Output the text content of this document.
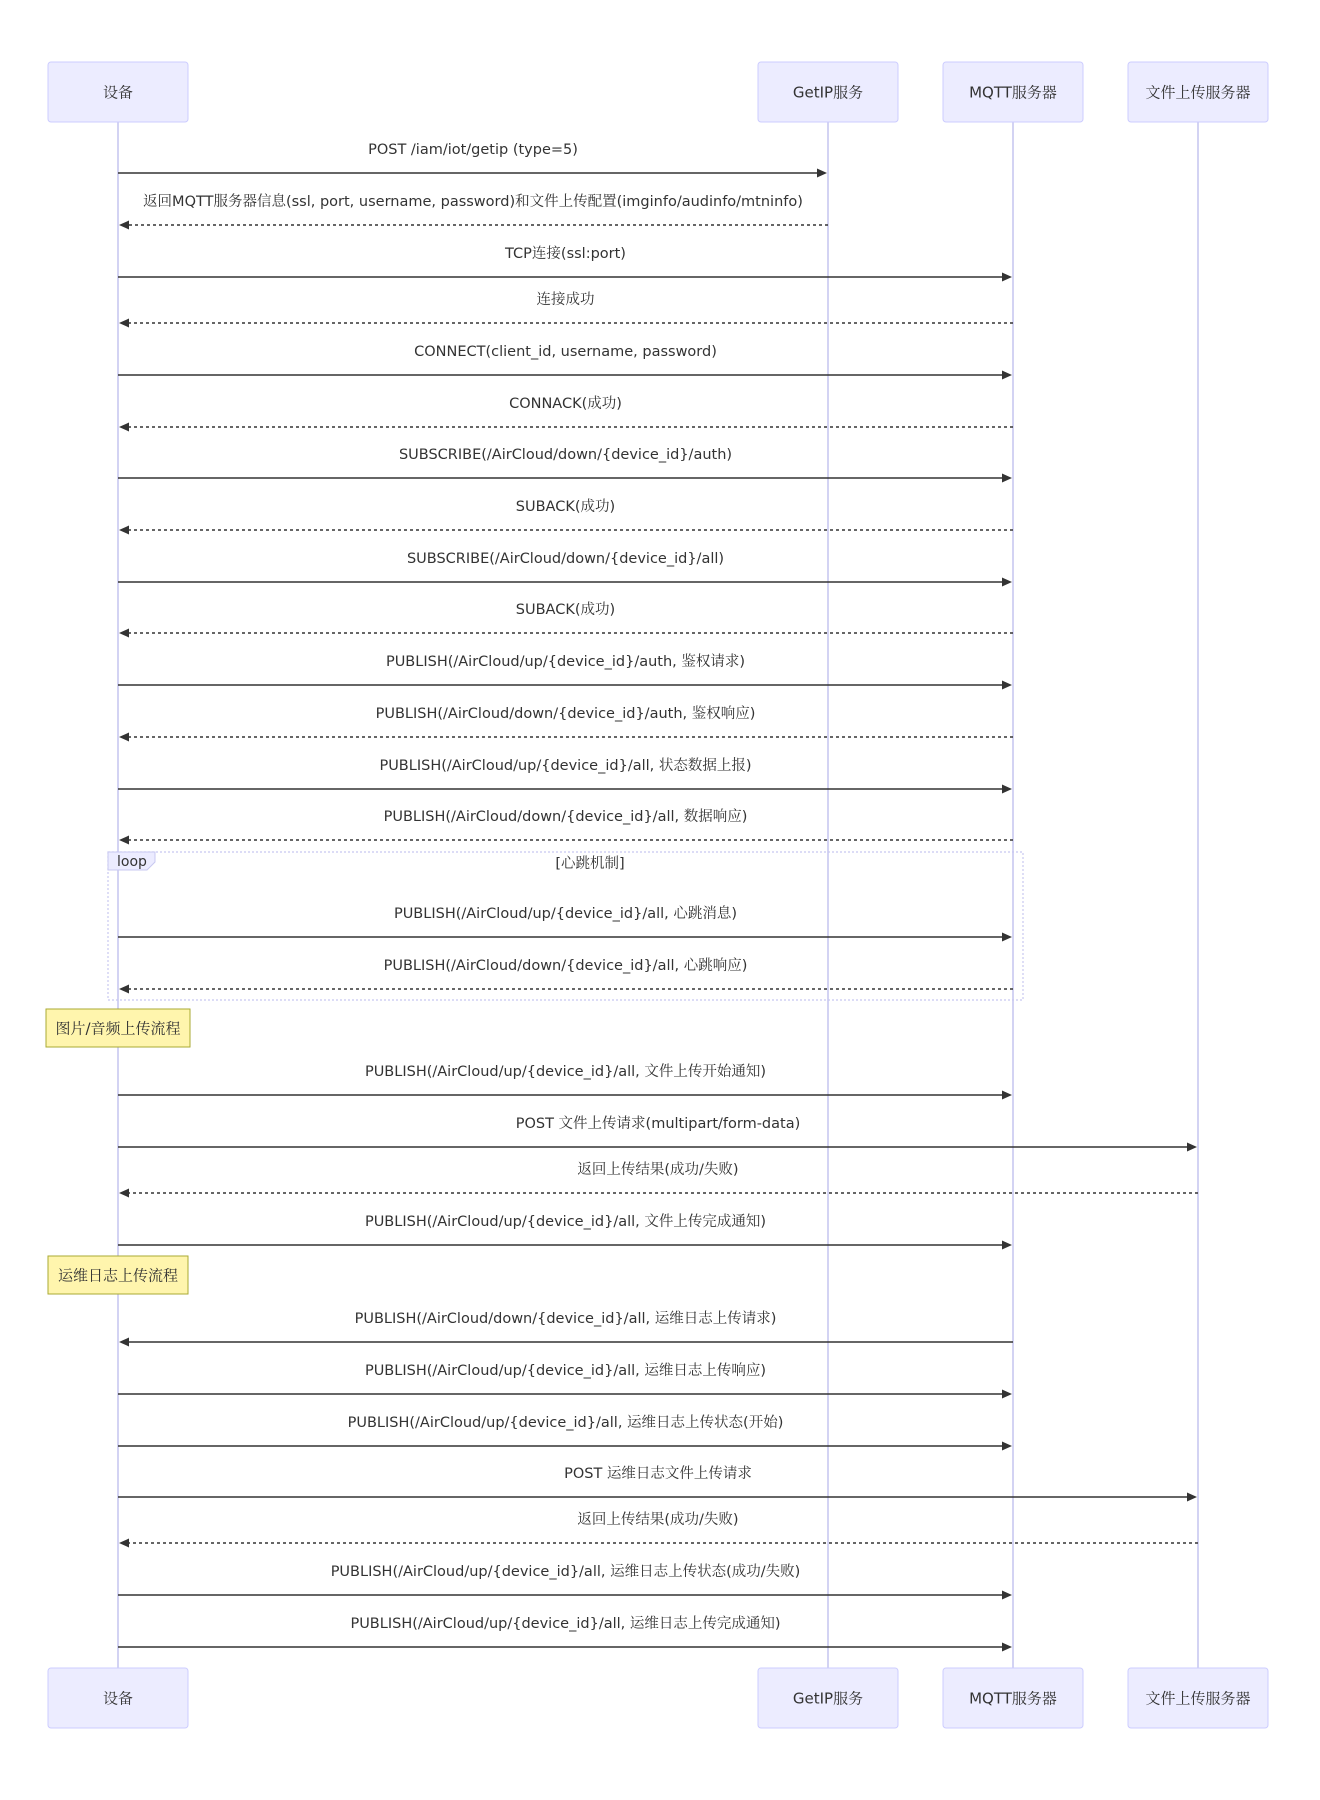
设备	GetIP服务	MQTT服务器	文件上传服务器
设备	GetIP服务	MQTT服务器	文件上传服务器
loop	[心跳机制]
图片/音频上传流程
运维日志上传流程
POST /iam/iot/getip (type=5)
返回MQTT服务器信息(ssl, port, username, password)和文件上传配置(imginfo/audinfo/mtninfo)
TCP连接(ssl:port)
连接成功
CONNECT(client_id, username, password)
CONNACK(成功)
SUBSCRIBE(/AirCloud/down/{device_id}/auth)
SUBACK(成功)
SUBSCRIBE(/AirCloud/down/{device_id}/all)
SUBACK(成功)
PUBLISH(/AirCloud/up/{device_id}/auth, 鉴权请求)
PUBLISH(/AirCloud/down/{device_id}/auth, 鉴权响应)
PUBLISH(/AirCloud/up/{device_id}/all, 状态数据上报)
PUBLISH(/AirCloud/down/{device_id}/all, 数据响应)
PUBLISH(/AirCloud/up/{device_id}/all, 心跳消息)
PUBLISH(/AirCloud/down/{device_id}/all, 心跳响应)
PUBLISH(/AirCloud/up/{device_id}/all, 文件上传开始通知)
POST 文件上传请求(multipart/form-data)
返回上传结果(成功/失败)
PUBLISH(/AirCloud/up/{device_id}/all, 文件上传完成通知)
PUBLISH(/AirCloud/down/{device_id}/all, 运维日志上传请求)
PUBLISH(/AirCloud/up/{device_id}/all, 运维日志上传响应)
PUBLISH(/AirCloud/up/{device_id}/all, 运维日志上传状态(开始)
POST 运维日志文件上传请求
返回上传结果(成功/失败)
PUBLISH(/AirCloud/up/{device_id}/all, 运维日志上传状态(成功/失败)
PUBLISH(/AirCloud/up/{device_id}/all, 运维日志上传完成通知)
